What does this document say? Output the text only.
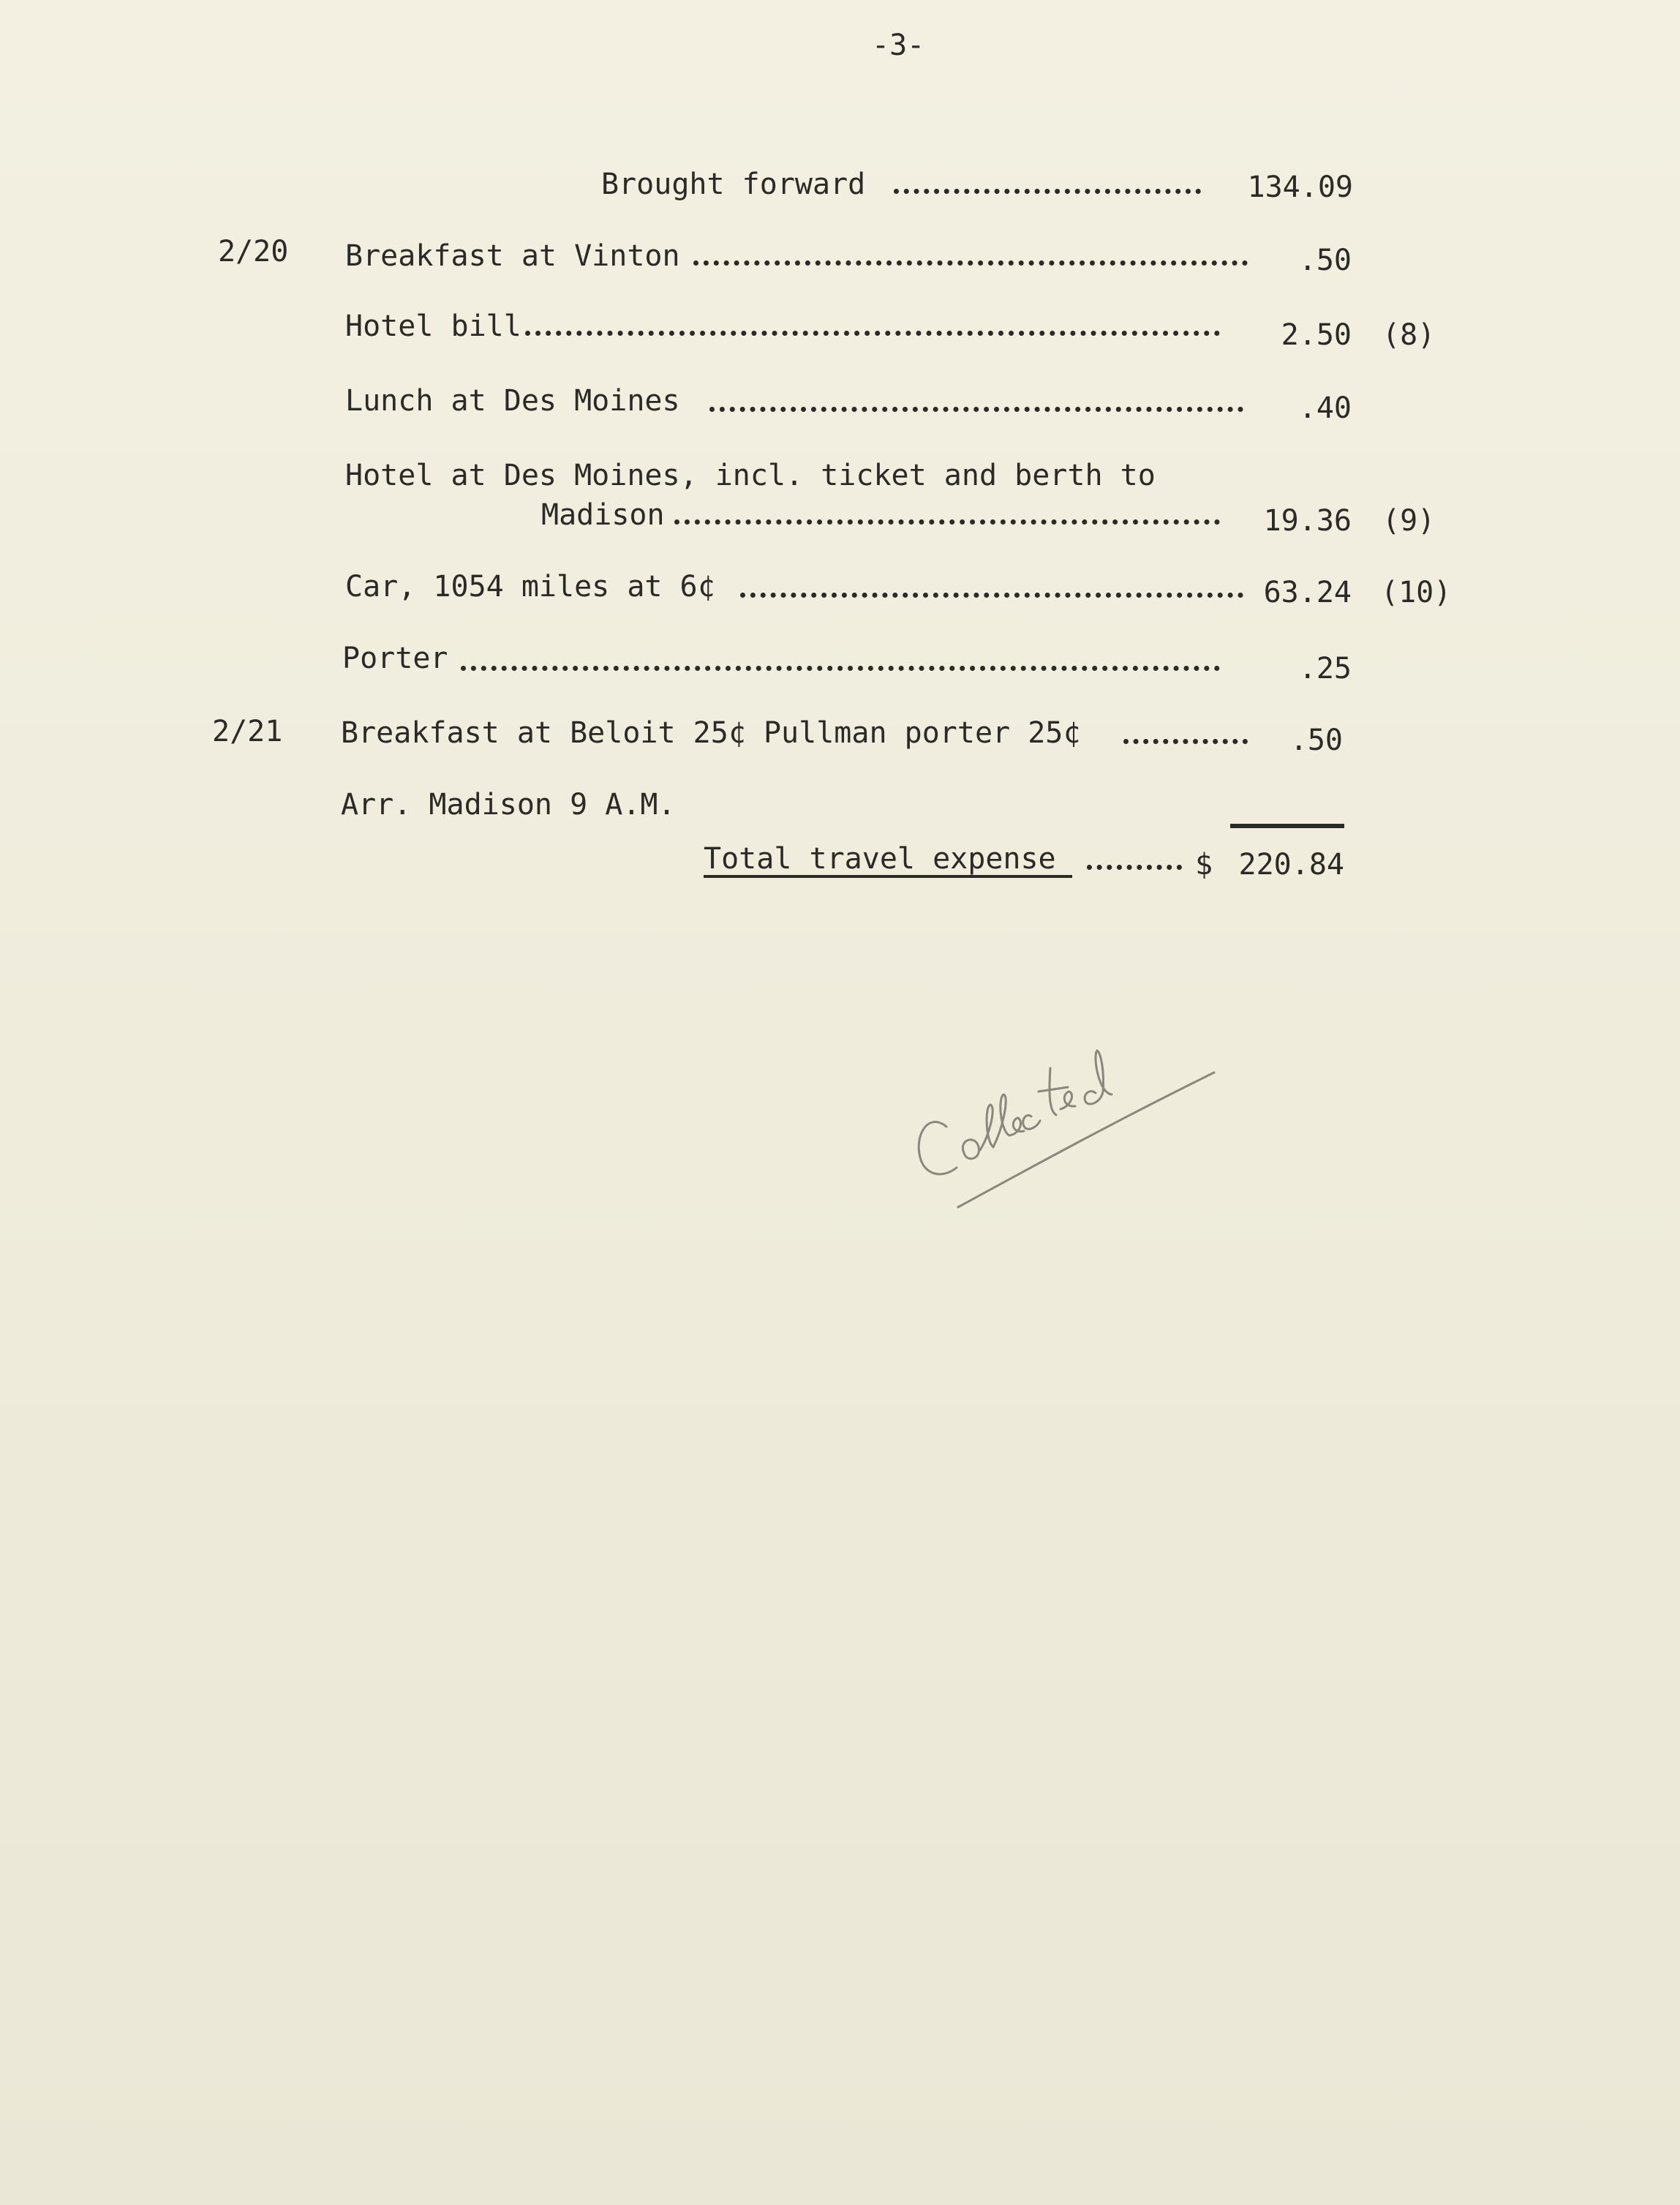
-3-
Brought forward	134.09
2/20 Breakfast at Vinton	.50
Hotel bill	2.50 (8)
Lunch at Des Moines	.40
Hotel at Des Moines, incl. ticket and berth to
Madison	19.36 (9)
Car, 1054 miles at 6¢	63.24 (10)
Porter	.25
2/21 Breakfast at Beloit 25¢ Pullman porter 25¢	.50
Arr. Madison 9 A.M.
Total travel expense	$ 220.84
